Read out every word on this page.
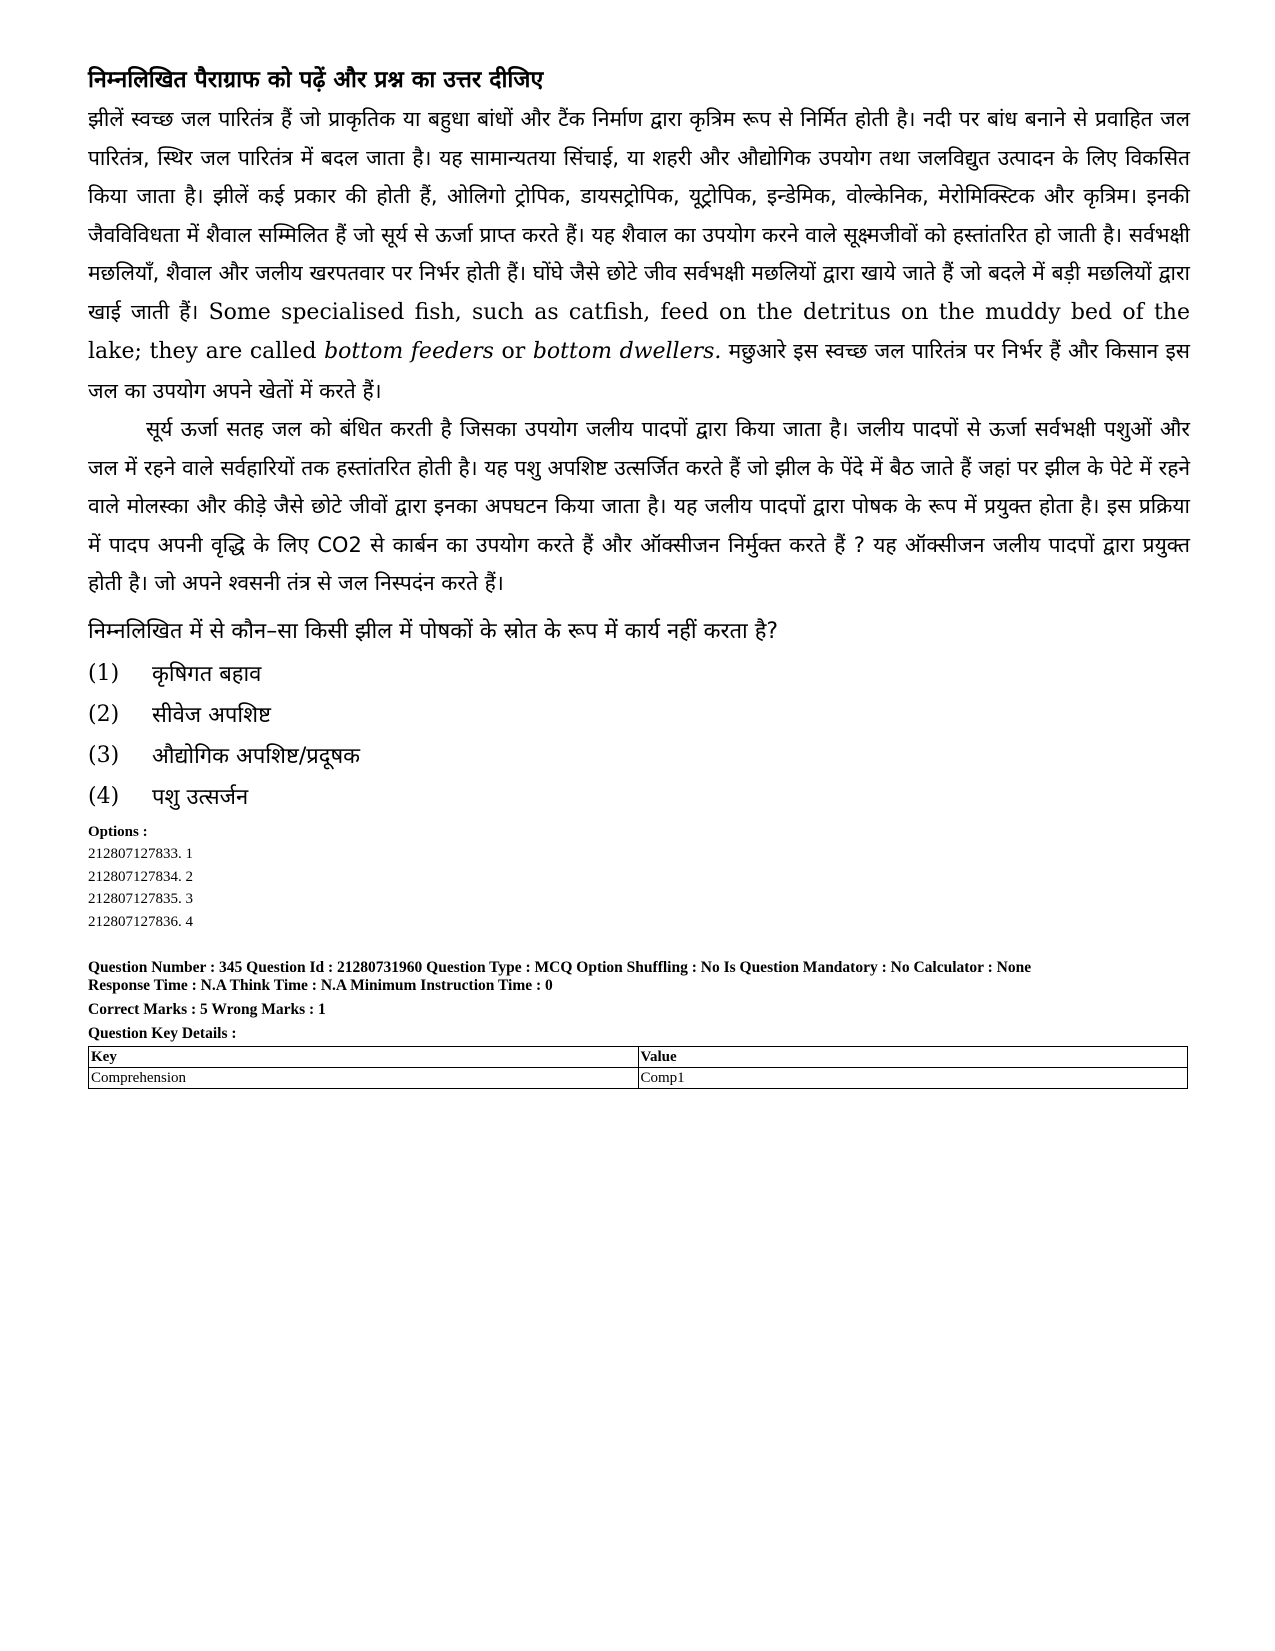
निम्नलिखित पैराग्राफ को पढ़ें और प्रश्न का उत्तर दीजिए

झीलें स्वच्छ जल पारितंत्र हैं जो प्राकृतिक या बहुधा बांधों और टैंक निर्माण द्वारा कृत्रिम रूप से निर्मित होती है। नदी पर बांध बनाने से प्रवाहित जल पारितंत्र, स्थिर जल पारितंत्र में बदल जाता है। यह सामान्यतया सिंचाई, या शहरी और औद्योगिक उपयोग तथा जलविद्युत उत्पादन के लिए विकसित किया जाता है। झीलें कई प्रकार की होती हैं, ओलिगो ट्रोपिक, डायसट्रोपिक, यूट्रोपिक, इन्डेमिक, वोल्केनिक, मेरोमिक्स्टिक और कृत्रिम। इनकी जैवविविधता में शैवाल सम्मिलित हैं जो सूर्य से ऊर्जा प्राप्त करते हैं। यह शैवाल का उपयोग करने वाले सूक्ष्मजीवों को हस्तांतरित हो जाती है। सर्वभक्षी मछलियाँ, शैवाल और जलीय खरपतवार पर निर्भर होती हैं। घोंघे जैसे छोटे जीव सर्वभक्षी मछलियों द्वारा खाये जाते हैं जो बदले में बड़ी मछलियों द्वारा खाई जाती हैं। Some specialised fish, such as catfish, feed on the detritus on the muddy bed of the lake; they are called bottom feeders or bottom dwellers. मछुआरे इस स्वच्छ जल पारितंत्र पर निर्भर हैं और किसान इस जल का उपयोग अपने खेतों में करते हैं।

सूर्य ऊर्जा सतह जल को बंधित करती है जिसका उपयोग जलीय पादपों द्वारा किया जाता है। जलीय पादपों से ऊर्जा सर्वभक्षी पशुओं और जल में रहने वाले सर्वहारियों तक हस्तांतरित होती है। यह पशु अपशिष्ट उत्सर्जित करते हैं जो झील के पेंदे में बैठ जाते हैं जहां पर झील के पेटे में रहने वाले मोलस्का और कीड़े जैसे छोटे जीवों द्वारा इनका अपघटन किया जाता है। यह जलीय पादपों द्वारा पोषक के रूप में प्रयुक्त होता है। इस प्रक्रिया में पादप अपनी वृद्धि के लिए CO2 से कार्बन का उपयोग करते हैं और ऑक्सीजन निर्मुक्त करते हैं ? यह ऑक्सीजन जलीय पादपों द्वारा प्रयुक्त होती है। जो अपने श्वसनी तंत्र से जल निस्पदंन करते हैं।

निम्नलिखित में से कौन–सा किसी झील में पोषकों के स्रोत के रूप में कार्य नहीं करता है?
(1)	कृषिगत बहाव
(2)	सीवेज अपशिष्ट
(3)	औद्योगिक अपशिष्ट/प्रदूषक
(4)	पशु उत्सर्जन
Options :
212807127833. 1
212807127834. 2
212807127835. 3
212807127836. 4
Question Number : 345 Question Id : 21280731960 Question Type : MCQ Option Shuffling : No Is Question Mandatory : No Calculator : None
Response Time : N.A Think Time : N.A Minimum Instruction Time : 0
Correct Marks : 5 Wrong Marks : 1
Question Key Details :
Key	Value
Comprehension	Comp1
